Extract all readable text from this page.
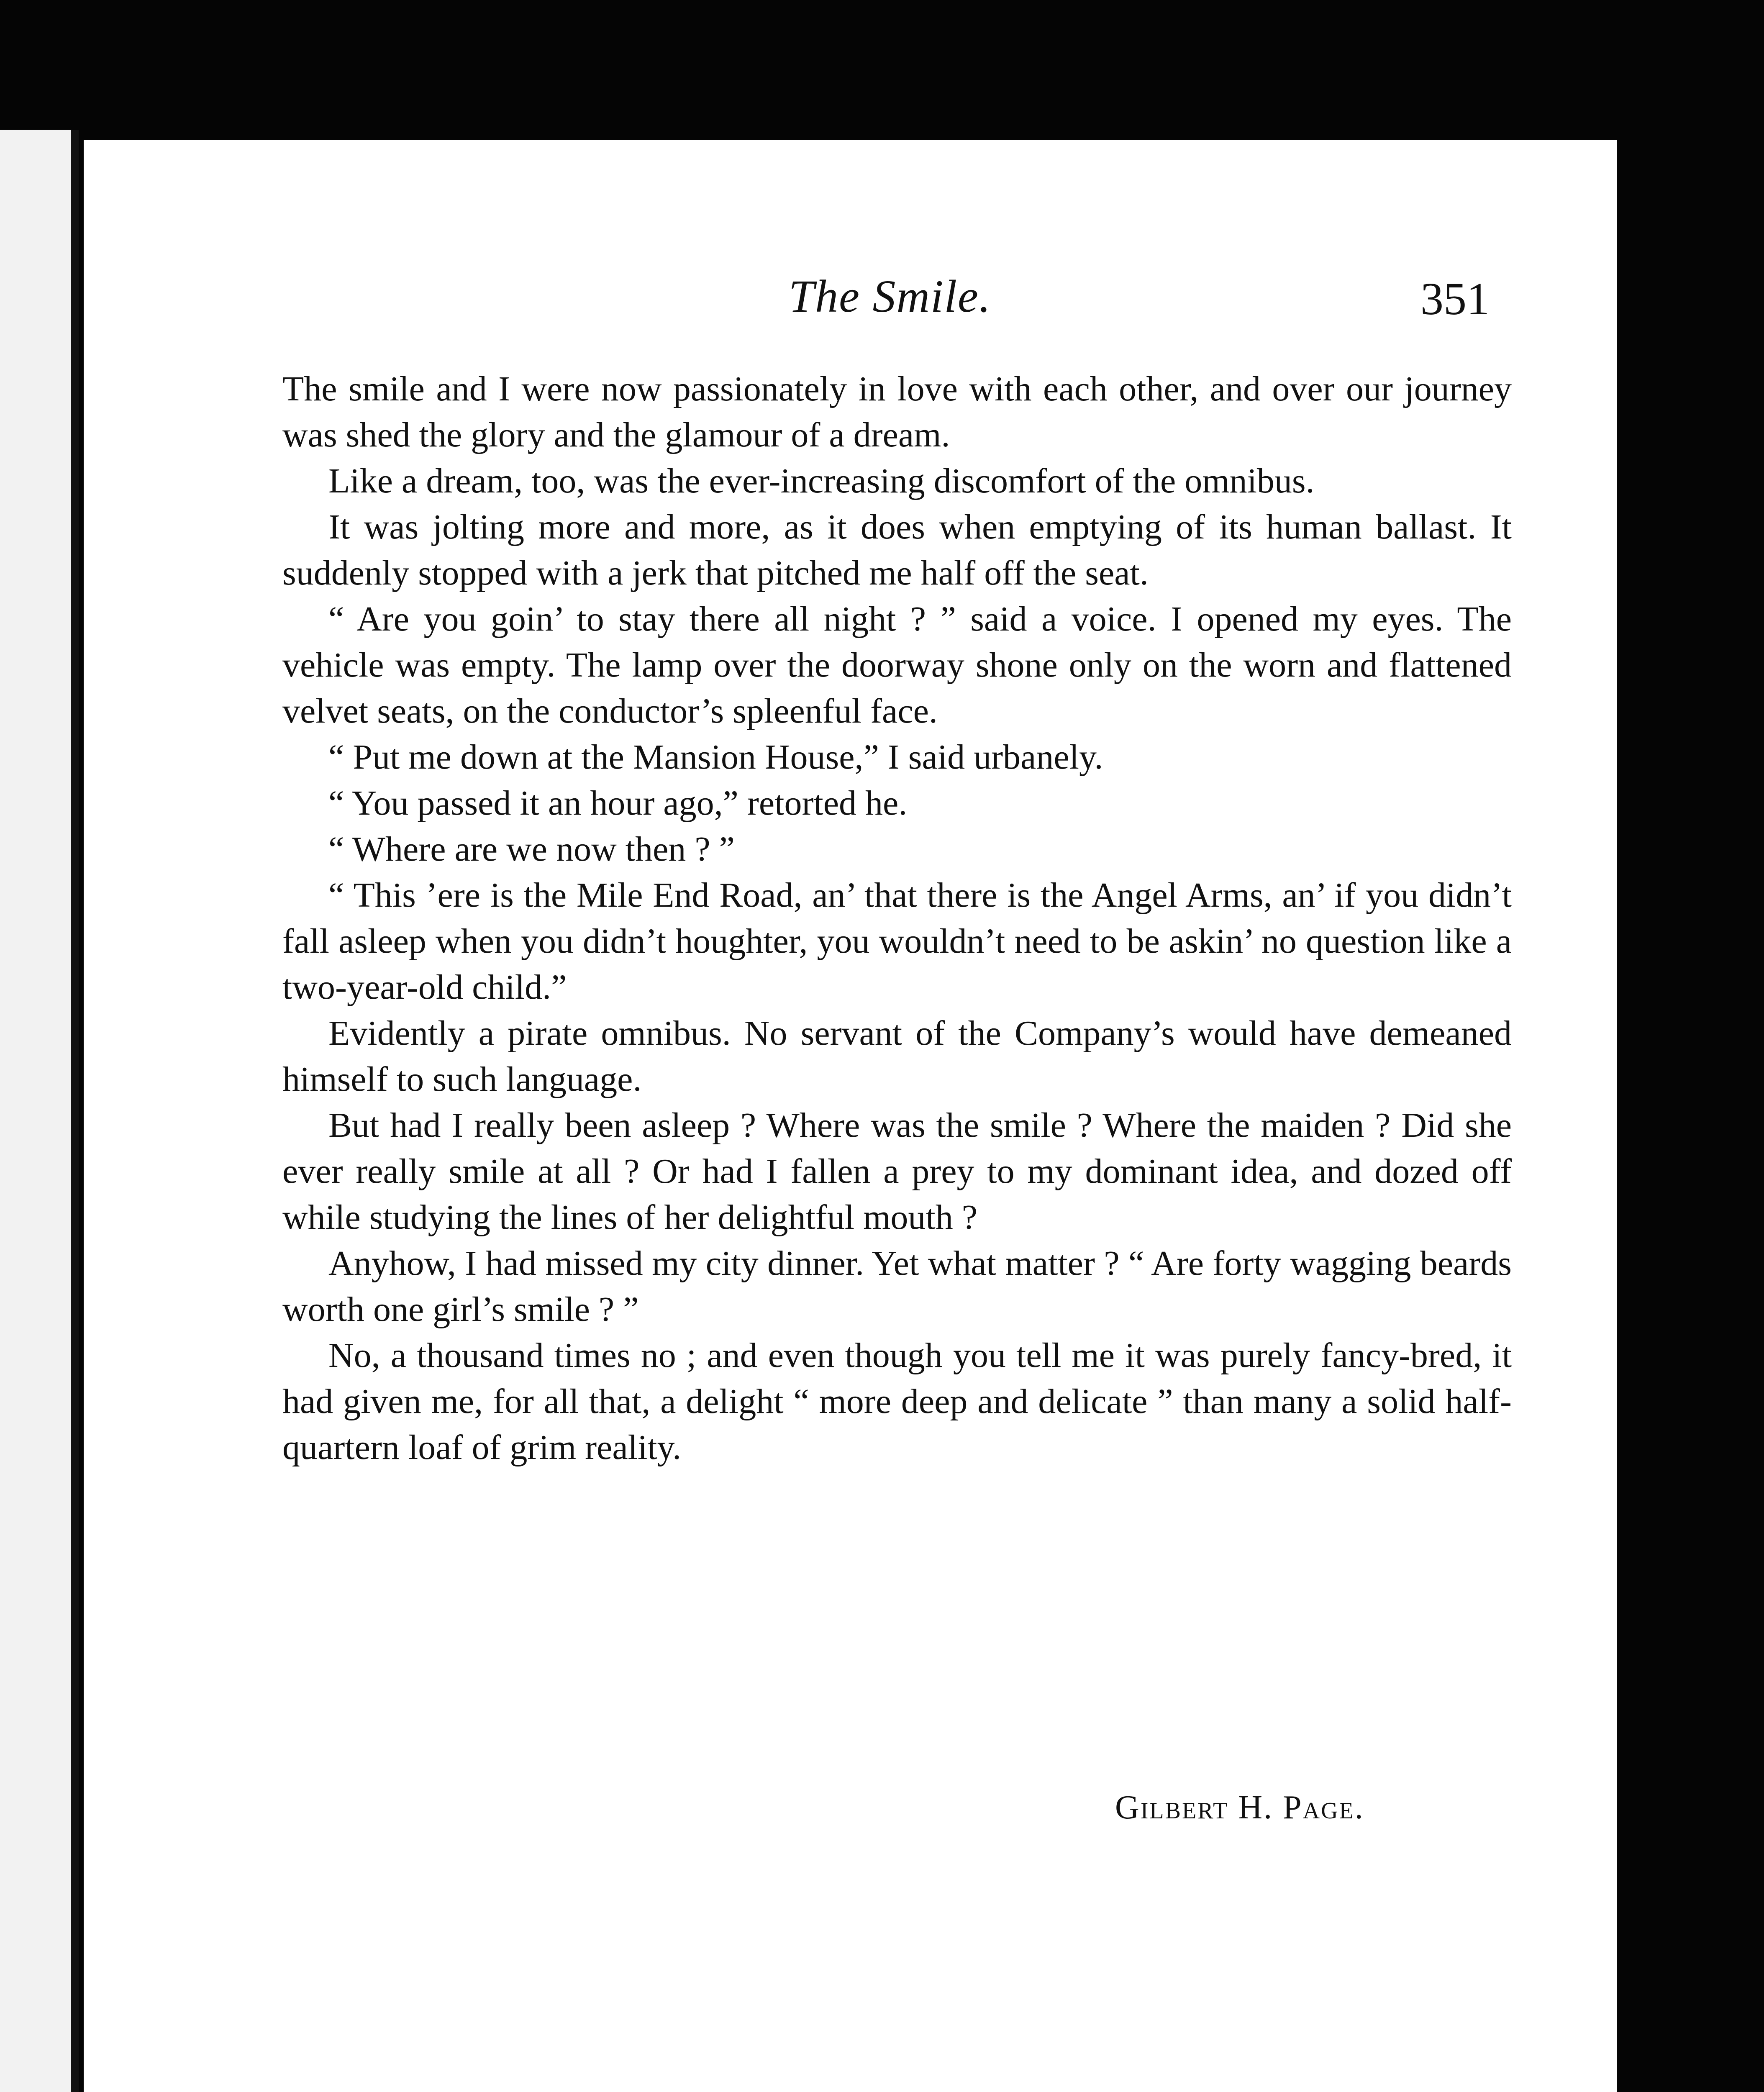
The Smile.	351

The smile and I were now passionately in love with each other, and over our journey was shed the glory and the glamour of a dream.

Like a dream, too, was the ever-increasing discomfort of the omnibus.

It was jolting more and more, as it does when emptying of its human ballast. It suddenly stopped with a jerk that pitched me half off the seat.

“ Are you goin’ to stay there all night ? ” said a voice. I opened my eyes. The vehicle was empty. The lamp over the doorway shone only on the worn and flattened velvet seats, on the conductor’s spleenful face.

“ Put me down at the Mansion House,” I said urbanely.

“ You passed it an hour ago,” retorted he.

“ Where are we now then ? ”

“ This ’ere is the Mile End Road, an’ that there is the Angel Arms, an’ if you didn’t fall asleep when you didn’t houghter, you wouldn’t need to be askin’ no question like a two-year-old child.”

Evidently a pirate omnibus. No servant of the Company’s would have demeaned himself to such language.

But had I really been asleep ? Where was the smile ? Where the maiden ? Did she ever really smile at all ? Or had I fallen a prey to my dominant idea, and dozed off while studying the lines of her delightful mouth ?

Anyhow, I had missed my city dinner. Yet what matter ? “ Are forty wagging beards worth one girl’s smile ? ”

No, a thousand times no ; and even though you tell me it was purely fancy-bred, it had given me, for all that, a delight “ more deep and delicate ” than many a solid half-quartern loaf of grim reality.

Gilbert H. Page.
